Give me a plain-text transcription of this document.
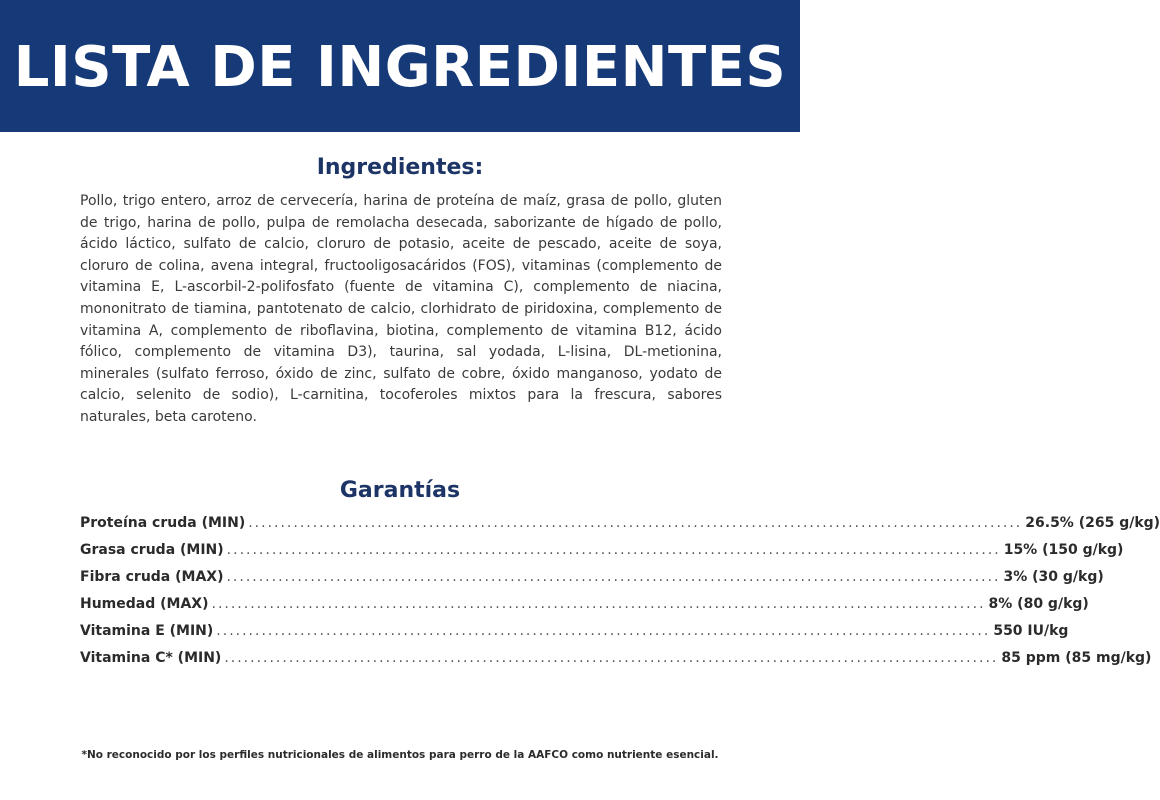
LISTA DE INGREDIENTES
Ingredientes:

Pollo, trigo entero, arroz de cervecería, harina de proteína de maíz, grasa de pollo, gluten de trigo, harina de pollo, pulpa de remolacha desecada, saborizante de hígado de pollo, ácido láctico, sulfato de calcio, cloruro de potasio, aceite de pescado, aceite de soya, cloruro de colina, avena integral, fructooligosacáridos (FOS), vitaminas (complemento de vitamina E, L-ascorbil-2-polifosfato (fuente de vitamina C), complemento de niacina, mononitrato de tiamina, pantotenato de calcio, clorhidrato de piridoxina, complemento de vitamina A, complemento de riboflavina, biotina, complemento de vitamina B12, ácido fólico, complemento de vitamina D3), taurina, sal yodada, L-lisina, DL-metionina, minerales (sulfato ferroso, óxido de zinc, sulfato de cobre, óxido manganoso, yodato de calcio, selenito de sodio), L-carnitina, tocoferoles mixtos para la frescura, sabores naturales, beta caroteno.

Garantías
Proteína cruda (MIN) ........................................................................................................................ 26.5% (265 g/kg)
Grasa cruda (MIN) ........................................................................................................................ 15% (150 g/kg)
Fibra cruda (MAX) ........................................................................................................................ 3% (30 g/kg)
Humedad (MAX) ........................................................................................................................ 8% (80 g/kg)
Vitamina E (MIN) ........................................................................................................................ 550 IU/kg
Vitamina C* (MIN) ........................................................................................................................ 85 ppm (85 mg/kg)

*No reconocido por los perfiles nutricionales de alimentos para perro de la AAFCO como nutriente esencial.
